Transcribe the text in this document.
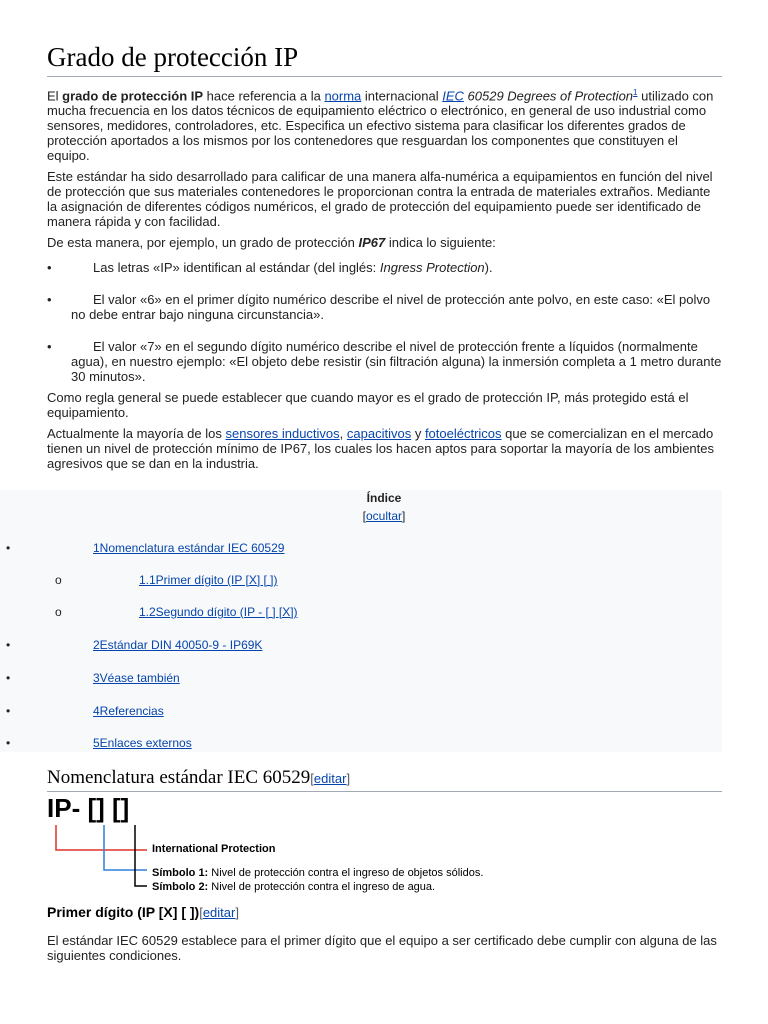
Grado de protección IP

El grado de protección IP hace referencia a la norma internacional IEC 60529 Degrees of Protection$^1$ utilizado con mucha frecuencia en los datos técnicos de equipamiento eléctrico o electrónico, en general de uso industrial como sensores, medidores, controladores, etc. Especifica un efectivo sistema para clasificar los diferentes grados de protección aportados a los mismos por los contenedores que resguardan los componentes que constituyen el equipo.

Este estándar ha sido desarrollado para calificar de una manera alfa-numérica a equipamientos en función del nivel de protección que sus materiales contenedores le proporcionan contra la entrada de materiales extraños. Mediante la asignación de diferentes códigos numéricos, el grado de protección del equipamiento puede ser identificado de manera rápida y con facilidad.

De esta manera, por ejemplo, un grado de protección IP67 indica lo siguiente:

•	Las letras «IP» identifican al estándar (del inglés: Ingress Protection).
•	El valor «6» en el primer dígito numérico describe el nivel de protección ante polvo, en este caso: «El polvo no debe entrar bajo ninguna circunstancia».
•	El valor «7» en el segundo dígito numérico describe el nivel de protección frente a líquidos (normalmente agua), en nuestro ejemplo: «El objeto debe resistir (sin filtración alguna) la inmersión completa a 1 metro durante 30 minutos».

Como regla general se puede establecer que cuando mayor es el grado de protección IP, más protegido está el equipamiento.

Actualmente la mayoría de los sensores inductivos, capacitivos y fotoeléctricos que se comercializan en el mercado tienen un nivel de protección mínimo de IP67, los cuales los hacen aptos para soportar la mayoría de los ambientes agresivos que se dan en la industria.

Índice
[ocultar]
•	1Nomenclatura estándar IEC 60529
o	1.1Primer dígito (IP [X] [ ])
o	1.2Segundo dígito (IP - [ ] [X])
•	2Estándar DIN 40050-9 - IP69K
•	3Véase también
•	4Referencias
•	5Enlaces externos
Nomenclatura estándar IEC 60529[editar]
IP- [] []
International Protection
Símbolo 1: Nivel de protección contra el ingreso de objetos sólidos.
Símbolo 2: Nivel de protección contra el ingreso de agua.
Primer dígito (IP [X] [ ])[editar]

El estándar IEC 60529 establece para el primer dígito que el equipo a ser certificado debe cumplir con alguna de las siguientes condiciones.
